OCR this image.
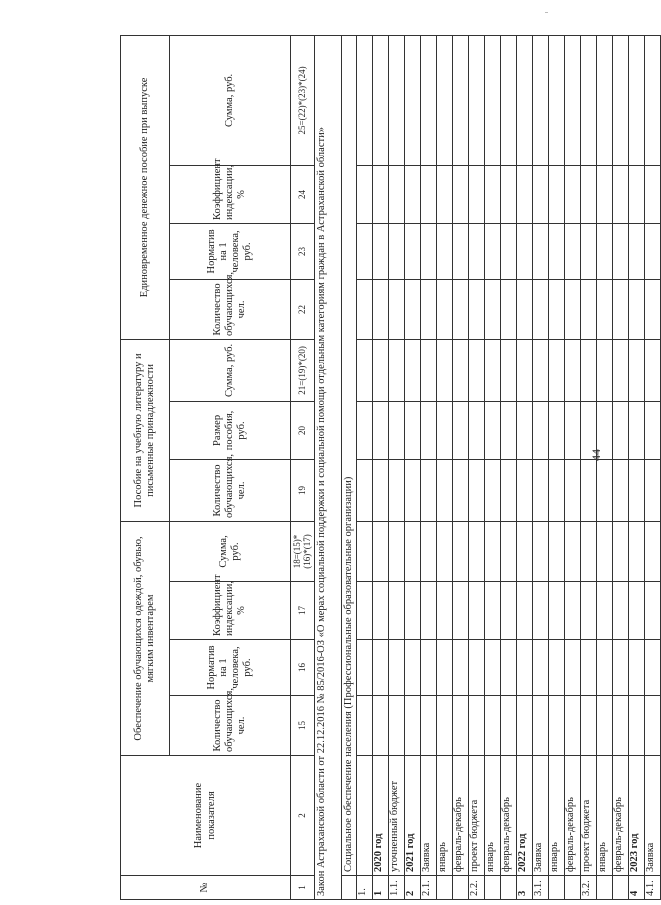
44
№	Наименование показателя	Обеспечение обучающихся одеждой, обувью, мягким инвентарем				Пособие на учебную литературу и письменные принадлежности			Единовременное денежное пособие при выпуске			
		Количество обучающихся, чел.	Норматив на 1 человека, руб.	Коэффициент индексации, %	Сумма, руб.	Количество обучающихся, чел.	Размер пособия, руб.	Сумма, руб.	Количество обучающихся, чел.	Норматив на 1 человека, руб.	Коэффициент индексации, %	Сумма, руб.
1	2	15	16	17	18=(15)*(16)*(17)	19	20	21=(19)*(20)	22	23	24	25=(22)*(23)*(24)
Закон Астраханской области от 22.12.2016 № 85/2016-ОЗ «О мерах социальной поддержки и социальной помощи отдельным категориям граждан в Астраханской области»												
	Социальное обеспечение населения (Профессиональные образовательные организации)											
1.												
1	2020 год											
1.1.	уточненный бюджет											
2	2021 год											
2.1.	Заявка											
	январь											
	февраль-декабрь											
2.2.	проект бюджета											
	январь											
	февраль-декабрь											
3	2022 год											
3.1.	Заявка											
	январь											
	февраль-декабрь											
3.2.	проект бюджета											
	январь											
	февраль-декабрь											
4	2023 год											
4.1.	Заявка											
